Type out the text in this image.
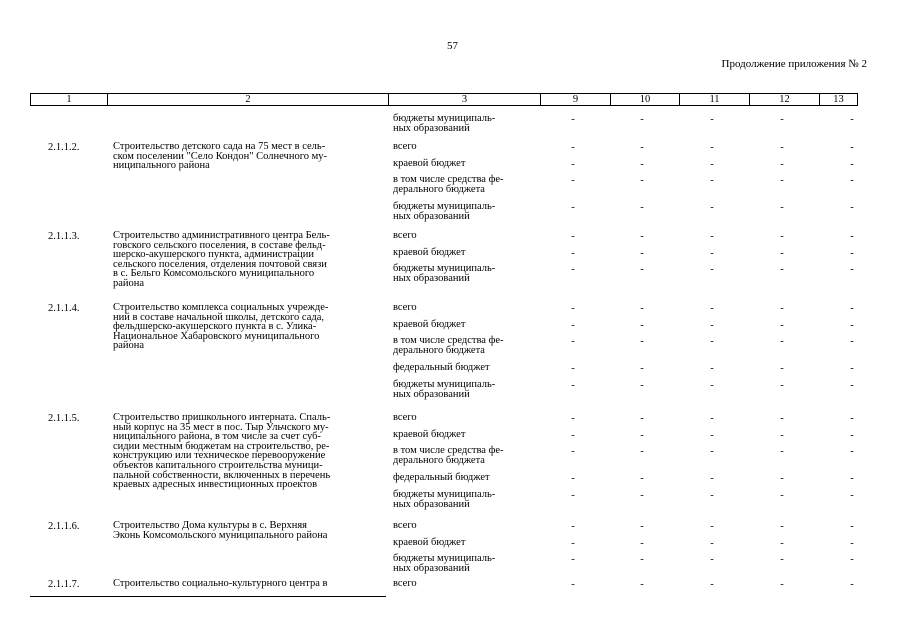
57
Продолжение приложения № 2
1	2	3	9	10	11	12	13
бюджеты муниципаль-
ных образований
-	-	-	-	-
2.1.1.2.	Строительство детского сада на 75 мест в сель-
ском поселении "Село Кондон" Солнечного му-
ниципального района
всего	-	-	-	-	-
краевой бюджет	-	-	-	-	-
в том числе средства фе-
дерального бюджета
-	-	-	-	-
бюджеты муниципаль-
ных образований
-	-	-	-	-
2.1.1.3.	Строительство административного центра Бель-
говского сельского поселения, в составе фельд-
шерско-акушерского пункта, администрации
сельского поселения, отделения почтовой связи
в с. Бельго Комсомольского муниципального
района
всего	-	-	-	-	-
краевой бюджет	-	-	-	-	-
бюджеты муниципаль-
ных образований
-	-	-	-	-
2.1.1.4.	Строительство комплекса социальных учрежде-
ний в составе начальной школы, детского сада,
фельдшерско-акушерского пункта в с. Улика-
Национальное Хабаровского муниципального
района
всего	-	-	-	-	-
краевой бюджет	-	-	-	-	-
в том числе средства фе-
дерального бюджета
-	-	-	-	-
федеральный бюджет	-	-	-	-	-
бюджеты муниципаль-
ных образований
-	-	-	-	-
2.1.1.5.	Строительство пришкольного интерната. Спаль-
ный корпус на 35 мест в пос. Тыр Ульчского му-
ниципального района, в том числе за счет суб-
сидии местным бюджетам на строительство, ре-
конструкцию или техническое перевооружение
объектов капитального строительства муници-
пальной собственности, включенных в перечень
краевых адресных инвестиционных проектов
всего	-	-	-	-	-
краевой бюджет	-	-	-	-	-
в том числе средства фе-
дерального бюджета
-	-	-	-	-
федеральный бюджет	-	-	-	-	-
бюджеты муниципаль-
ных образований
-	-	-	-	-
2.1.1.6.	Строительство Дома культуры в с. Верхняя
Эконь Комсомольского муниципального района
всего	-	-	-	-	-
краевой бюджет	-	-	-	-	-
бюджеты муниципаль-
ных образований
-	-	-	-	-
2.1.1.7.	Строительство социально-культурного центра в	всего	-	-	-	-	-
